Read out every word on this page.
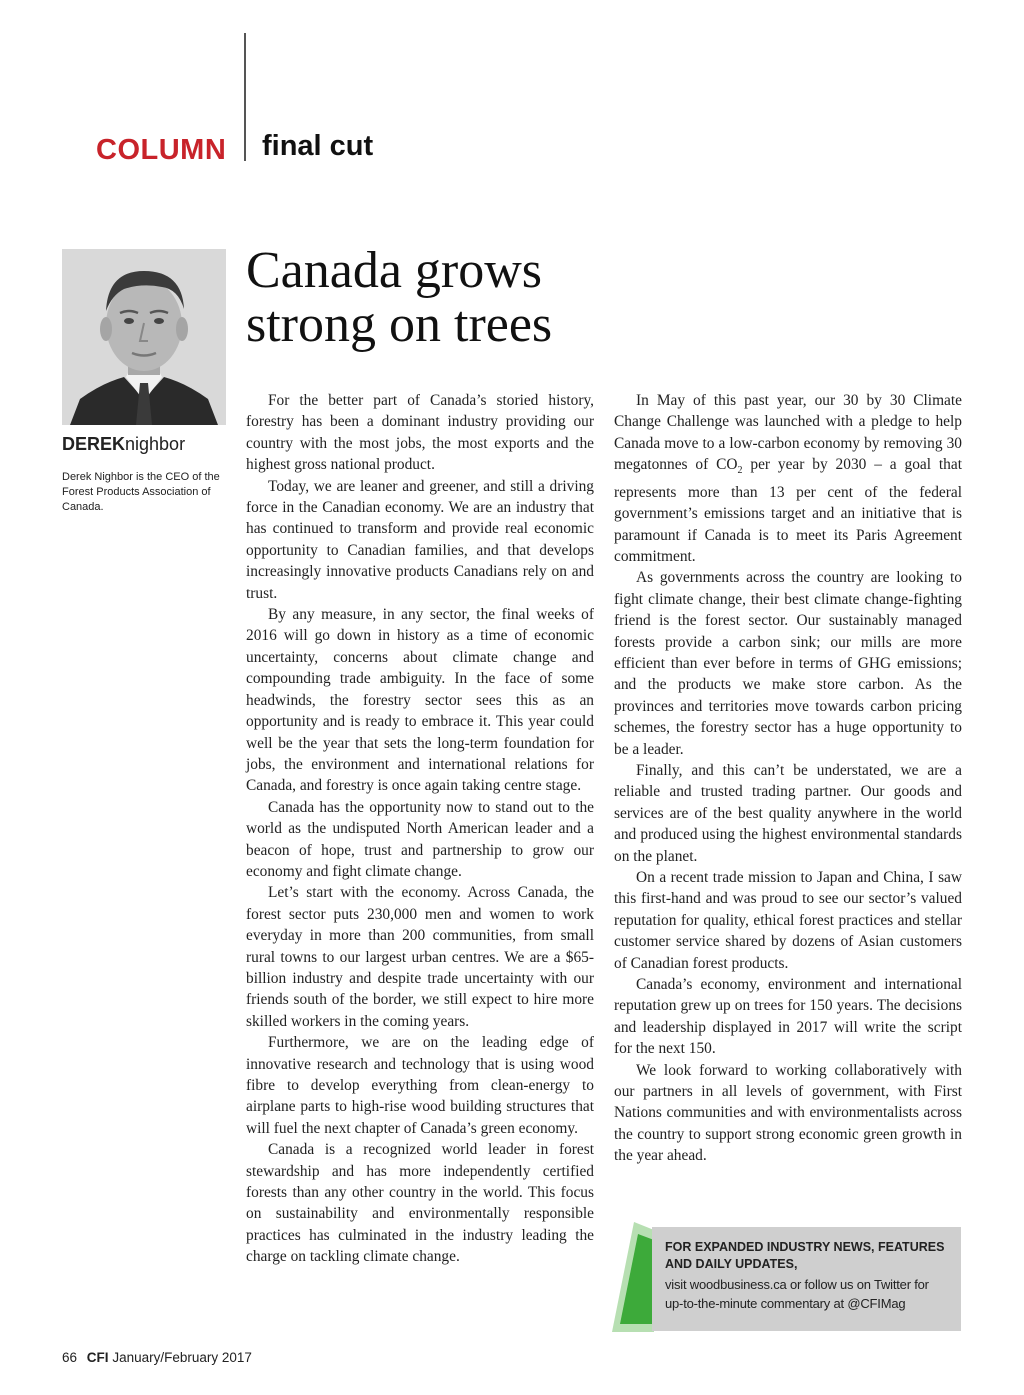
COLUMN final cut
DEREKnighbor
Derek Nighbor is the CEO of the Forest Products Association of Canada.
Canada grows
strong on trees

For the better part of Canada’s storied history, forestry has been a dominant industry providing our country with the most jobs, the most exports and the highest gross national product.

Today, we are leaner and greener, and still a driving force in the Canadian economy. We are an industry that has continued to transform and provide real economic opportunity to Canadian families, and that develops increasingly innovative products Canadians rely on and trust.

By any measure, in any sector, the final weeks of 2016 will go down in history as a time of economic uncertainty, concerns about climate change and compounding trade ambiguity. In the face of some headwinds, the forestry sector sees this as an opportunity and is ready to embrace it. This year could well be the year that sets the long-term foundation for jobs, the environment and international relations for Canada, and forestry is once again taking centre stage.

Canada has the opportunity now to stand out to the world as the undisputed North American leader and a beacon of hope, trust and partnership to grow our economy and fight climate change.

Let’s start with the economy. Across Canada, the forest sector puts 230,000 men and women to work everyday in more than 200 communities, from small rural towns to our largest urban centres. We are a $65-billion industry and despite trade uncertainty with our friends south of the border, we still expect to hire more skilled workers in the coming years.

Furthermore, we are on the leading edge of innovative research and technology that is using wood fibre to develop everything from clean-energy to airplane parts to high-rise wood building structures that will fuel the next chapter of Canada’s green economy.

Canada is a recognized world leader in forest stewardship and has more independently certified forests than any other country in the world. This focus on sustainability and environmentally responsible practices has culminated in the industry leading the charge on tackling climate change.

In May of this past year, our 30 by 30 Climate Change Challenge was launched with a pledge to help Canada move to a low-carbon economy by removing 30 megatonnes of $CO_2$ per year by 2030 – a goal that represents more than 13 per cent of the federal government’s emissions target and an initiative that is paramount if Canada is to meet its Paris Agreement commitment.

As governments across the country are looking to fight climate change, their best climate change-fighting friend is the forest sector. Our sustainably managed forests provide a carbon sink; our mills are more efficient than ever before in terms of GHG emissions; and the products we make store carbon. As the provinces and territories move towards carbon pricing schemes, the forestry sector has a huge opportunity to be a leader.

Finally, and this can’t be understated, we are a reliable and trusted trading partner. Our goods and services are of the best quality anywhere in the world and produced using the highest environmental standards on the planet.

On a recent trade mission to Japan and China, I saw this first-hand and was proud to see our sector’s valued reputation for quality, ethical forest practices and stellar customer service shared by dozens of Asian customers of Canadian forest products.

Canada’s economy, environment and international reputation grew up on trees for 150 years. The decisions and leadership displayed in 2017 will write the script for the next 150.

We look forward to working collaboratively with our partners in all levels of government, with First Nations communities and with environmentalists across the country to support strong economic green growth in the year ahead.

FOR EXPANDED INDUSTRY NEWS, FEATURES AND DAILY UPDATES,
visit woodbusiness.ca or follow us on Twitter for
up-to-the-minute commentary at @CFIMag
66 CFI January/February 2017
